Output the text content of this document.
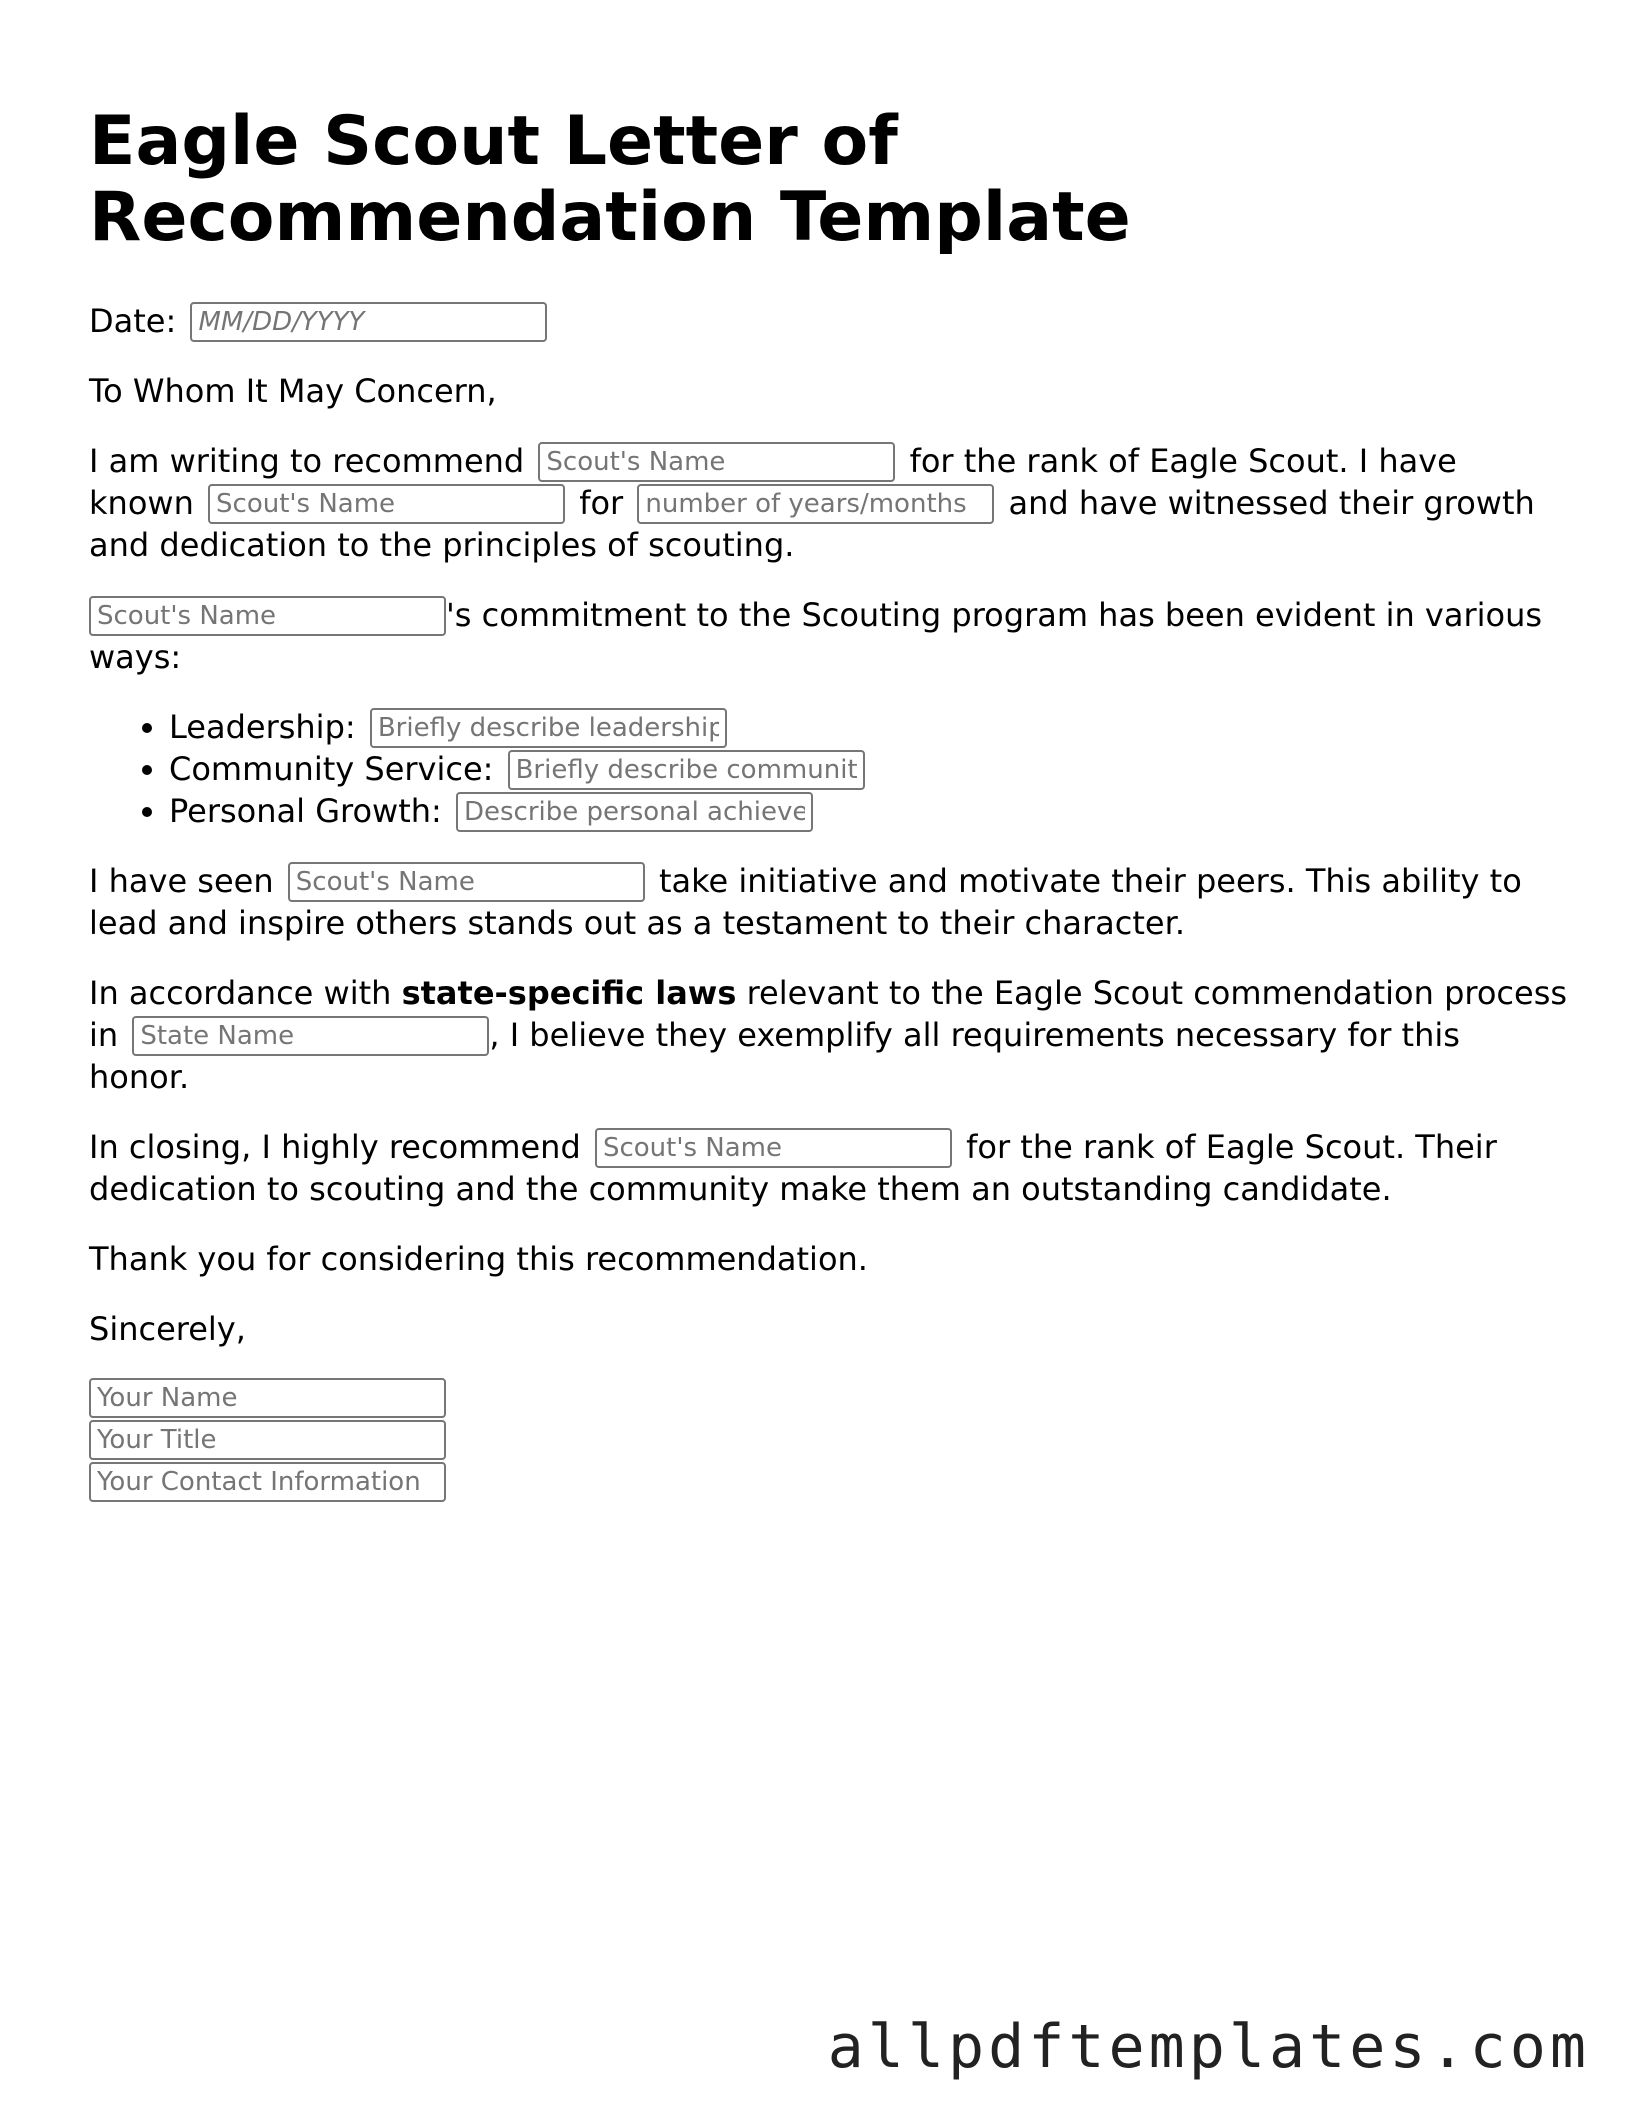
Eagle Scout Letter of Recommendation Template

Date: MM/DD/YYYY

To Whom It May Concern,

I am writing to recommend Scout's Name	for the rank of Eagle Scout. I have known Scout's Name	for number of years/months	and have witnessed their growth and dedication to the principles of scouting.

Scout's Name's commitment to the Scouting program has been evident in various ways:

• Leadership: Briefly describe leadership roles
• Community Service: Briefly describe community service
• Personal Growth: Describe personal achievements

I have seen Scout's Name	take initiative and motivate their peers. This ability to lead and inspire others stands out as a testament to their character.

In accordance with state-specific laws relevant to the Eagle Scout commendation process in State Name	, I believe they exemplify all requirements necessary for this honor.

In closing, I highly recommend Scout's Name	for the rank of Eagle Scout. Their dedication to scouting and the community make them an outstanding candidate.

Thank you for considering this recommendation.

Sincerely,

Your Name
Your Title
Your Contact Information
allpdftemplates.com
